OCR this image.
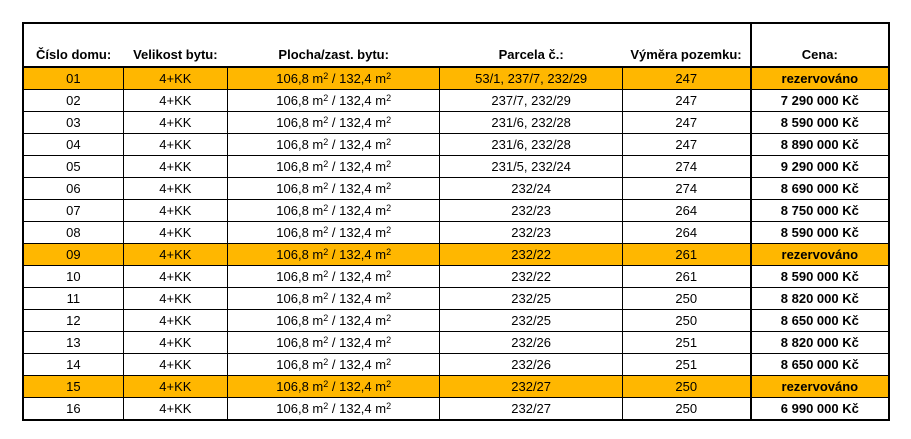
Číslo domu:	Velikost bytu:	Plocha/zast. bytu:	Parcela č.:	Výměra pozemku:	Cena:
01	4+KK	106,8 $m^2 / 132,4$ $m^2$	53/1, 237/7, 232/29	247	rezervováno
02	4+KK	106,8 $m^2 / 132,4$ $m^2$	237/7, 232/29	247	7 290 000 Kč
03	4+KK	106,8 $m^2 / 132,4$ $m^2$	231/6, 232/28	247	8 590 000 Kč
04	4+KK	106,8 $m^2 / 132,4$ $m^2$	231/6, 232/28	247	8 890 000 Kč
05	4+KK	106,8 $m^2 / 132,4$ $m^2$	231/5, 232/24	274	9 290 000 Kč
06	4+KK	106,8 $m^2 / 132,4$ $m^2$	232/24	274	8 690 000 Kč
07	4+KK	106,8 $m^2 / 132,4$ $m^2$	232/23	264	8 750 000 Kč
08	4+KK	106,8 $m^2 / 132,4$ $m^2$	232/23	264	8 590 000 Kč
09	4+KK	106,8 $m^2 / 132,4$ $m^2$	232/22	261	rezervováno
10	4+KK	106,8 $m^2 / 132,4$ $m^2$	232/22	261	8 590 000 Kč
11	4+KK	106,8 $m^2 / 132,4$ $m^2$	232/25	250	8 820 000 Kč
12	4+KK	106,8 $m^2 / 132,4$ $m^2$	232/25	250	8 650 000 Kč
13	4+KK	106,8 $m^2 / 132,4$ $m^2$	232/26	251	8 820 000 Kč
14	4+KK	106,8 $m^2 / 132,4$ $m^2$	232/26	251	8 650 000 Kč
15	4+KK	106,8 $m^2 / 132,4$ $m^2$	232/27	250	rezervováno
16	4+KK	106,8 $m^2 / 132,4$ $m^2$	232/27	250	6 990 000 Kč
